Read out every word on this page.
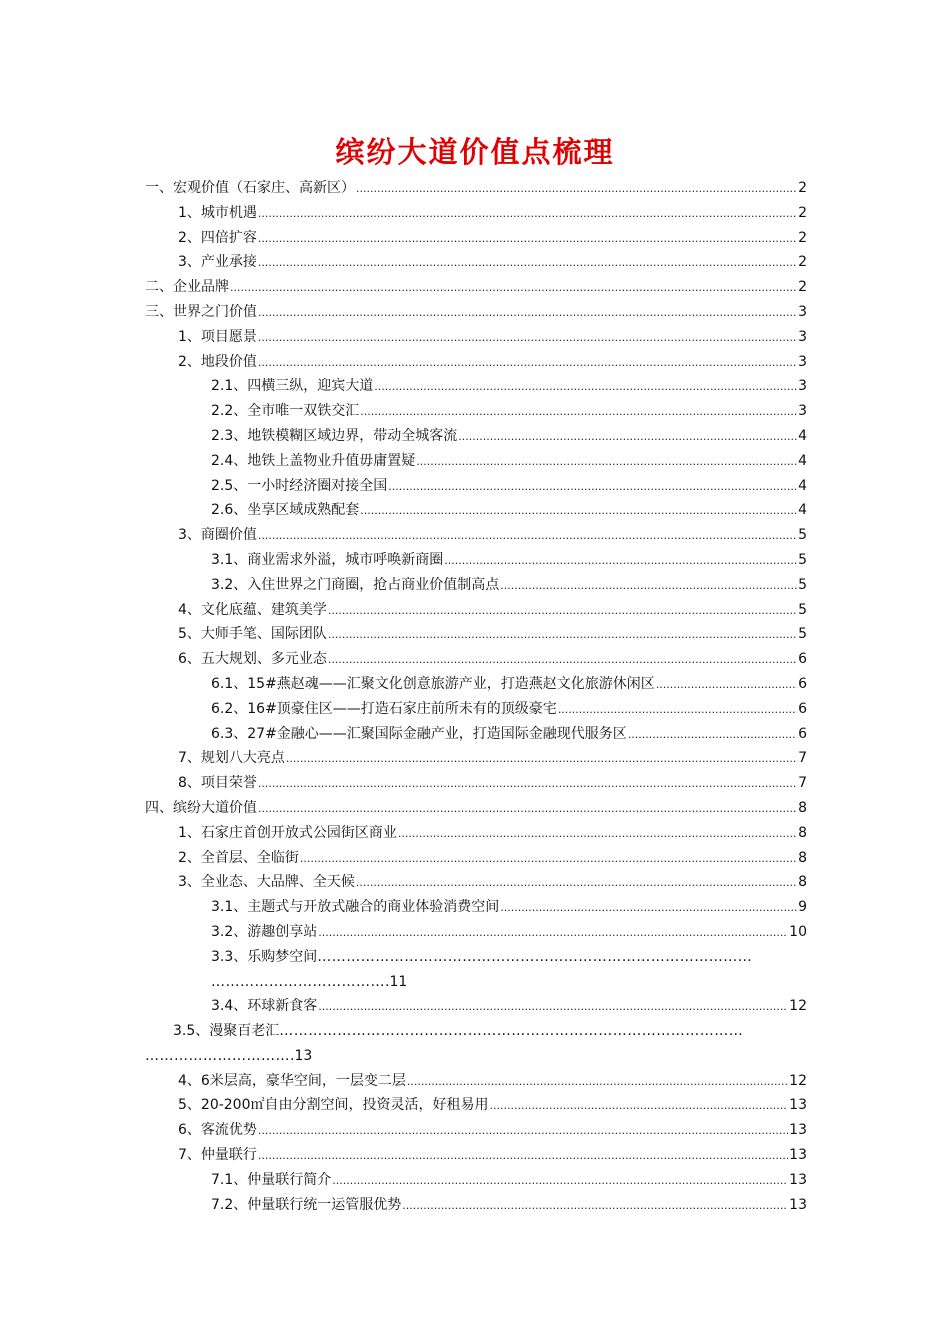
缤纷大道价值点梳理
一、宏观价值（石家庄、高新区） .....	2
1、城市机遇 .....	2
2、四倍扩容 .....	2
3、产业承接 .....	2
二、企业品牌 .....	2
三、世界之门价值 .....	3
1、项目愿景 .....	3
2、地段价值 .....	3
2.1、四横三纵，迎宾大道 .....	3
2.2、全市唯一双铁交汇 .....	3
2.3、地铁模糊区域边界，带动全城客流 .....	4
2.4、地铁上盖物业升值毋庸置疑 .....	4
2.5、一小时经济圈对接全国 .....	4
2.6、坐享区域成熟配套 .....	4
3、商圈价值 .....	5
3.1、商业需求外溢，城市呼唤新商圈 .....	5
3.2、入住世界之门商圈，抢占商业价值制高点 .....	5
4、文化底蕴、建筑美学 .....	5
5、大师手笔、国际团队 .....	5
6、五大规划、多元业态 .....	6
6.1、15#燕赵魂——汇聚文化创意旅游产业，打造燕赵文化旅游休闲区 .....	6
6.2、16#顶豪住区——打造石家庄前所未有的顶级豪宅 .....	6
6.3、27#金融心——汇聚国际金融产业，打造国际金融现代服务区 .....	6
7、规划八大亮点 .....	7
8、项目荣誉 .....	7
四、缤纷大道价值 .....	8
1、石家庄首创开放式公园街区商业 .....	8
2、全首层、全临街 .....	8
3、全业态、大品牌、全天候 .....	8
3.1、主题式与开放式融合的商业体验消费空间 .....	9
3.2、游趣创享站 .....	10
3.3、乐购梦空间………………………………………………………………………………
……………………………….11
3.4、环球新食客 .....	12
3.5、漫聚百老汇……………………………………………………………………………………
………………………….13
4、6米层高，豪华空间，一层变二层 .....	12
5、20-200㎡自由分割空间，投资灵活，好租易用 .....	13
6、客流优势 .....	13
7、仲量联行 .....	13
7.1、仲量联行简介 .....	13
7.2、仲量联行统一运管服优势 .....	13
